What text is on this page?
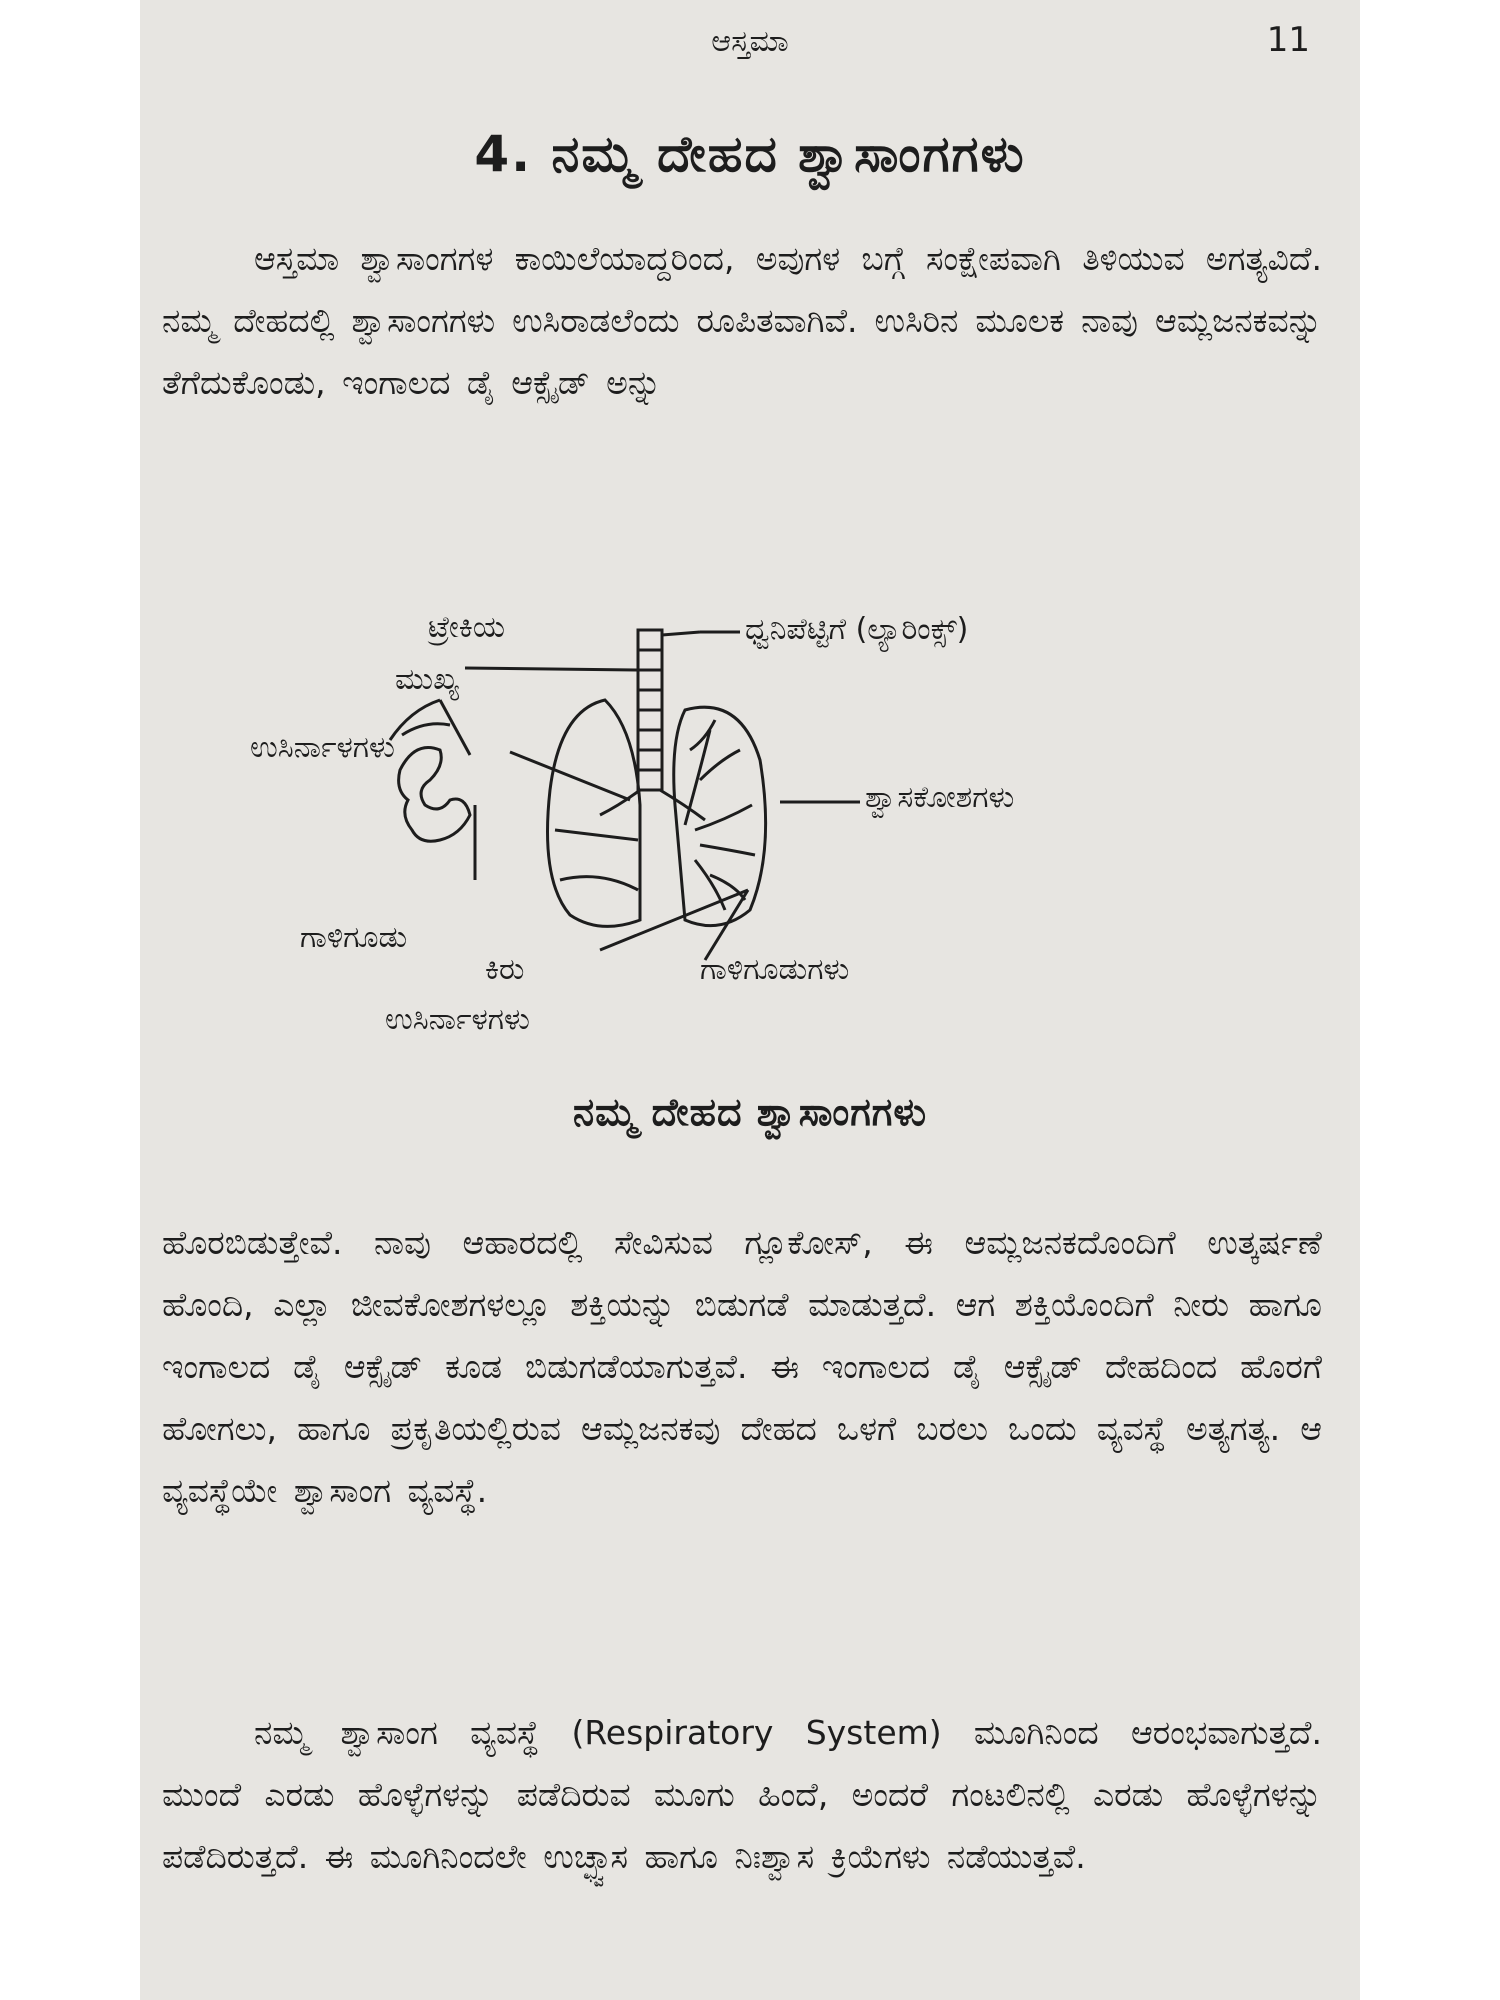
ಆಸ್ತಮಾ	11
4. ನಮ್ಮ ದೇಹದ ಶ್ವಾಸಾಂಗಗಳು

ಆಸ್ತಮಾ ಶ್ವಾಸಾಂಗಗಳ ಕಾಯಿಲೆಯಾದ್ದರಿಂದ, ಅವುಗಳ ಬಗ್ಗೆ ಸಂಕ್ಷೇಪವಾಗಿ ತಿಳಿಯುವ ಅಗತ್ಯವಿದೆ. ನಮ್ಮ ದೇಹದಲ್ಲಿ ಶ್ವಾಸಾಂಗಗಳು ಉಸಿರಾಡಲೆಂದು ರೂಪಿತವಾಗಿವೆ. ಉಸಿರಿನ ಮೂಲಕ ನಾವು ಆಮ್ಲಜನಕವನ್ನು ತೆಗೆದುಕೊಂಡು, ಇಂಗಾಲದ ಡೈ ಆಕ್ಸೈಡ್ ಅನ್ನು

ಟ್ರೇಕಿಯ
ಮುಖ್ಯ
ಉಸಿರ್ನಾಳಗಳು
ಧ್ವನಿಪೆಟ್ಟಿಗೆ (ಲ್ಯಾರಿಂಕ್ಸ್)
ಶ್ವಾಸಕೋಶಗಳು
ಗಾಳಿಗೂಡು
ಕಿರು
ಉಸಿರ್ನಾಳಗಳು
ಗಾಳಿಗೂಡುಗಳು
ನಮ್ಮ ದೇಹದ ಶ್ವಾಸಾಂಗಗಳು

ಹೊರಬಿಡುತ್ತೇವೆ. ನಾವು ಆಹಾರದಲ್ಲಿ ಸೇವಿಸುವ ಗ್ಲೂಕೋಸ್, ಈ ಆಮ್ಲಜನಕದೊಂದಿಗೆ ಉತ್ಕರ್ಷಣೆ ಹೊಂದಿ, ಎಲ್ಲಾ ಜೀವಕೋಶಗಳಲ್ಲೂ ಶಕ್ತಿಯನ್ನು ಬಿಡುಗಡೆ ಮಾಡುತ್ತದೆ. ಆಗ ಶಕ್ತಿಯೊಂದಿಗೆ ನೀರು ಹಾಗೂ ಇಂಗಾಲದ ಡೈ ಆಕ್ಸೈಡ್ ಕೂಡ ಬಿಡುಗಡೆಯಾಗುತ್ತವೆ. ಈ ಇಂಗಾಲದ ಡೈ ಆಕ್ಸೈಡ್ ದೇಹದಿಂದ ಹೊರಗೆ ಹೋಗಲು, ಹಾಗೂ ಪ್ರಕೃತಿಯಲ್ಲಿರುವ ಆಮ್ಲಜನಕವು ದೇಹದ ಒಳಗೆ ಬರಲು ಒಂದು ವ್ಯವಸ್ಥೆ ಅತ್ಯಗತ್ಯ. ಆ ವ್ಯವಸ್ಥೆಯೇ ಶ್ವಾಸಾಂಗ ವ್ಯವಸ್ಥೆ.

ನಮ್ಮ ಶ್ವಾಸಾಂಗ ವ್ಯವಸ್ಥೆ (Respiratory System) ಮೂಗಿನಿಂದ ಆರಂಭವಾಗುತ್ತದೆ. ಮುಂದೆ ಎರಡು ಹೊಳ್ಳೆಗಳನ್ನು ಪಡೆದಿರುವ ಮೂಗು ಹಿಂದೆ, ಅಂದರೆ ಗಂಟಲಿನಲ್ಲಿ ಎರಡು ಹೊಳ್ಳೆಗಳನ್ನು ಪಡೆದಿರುತ್ತದೆ. ಈ ಮೂಗಿನಿಂದಲೇ ಉಚ್ಛ್ವಾಸ ಹಾಗೂ ನಿಃಶ್ವಾಸ ಕ್ರಿಯೆಗಳು ನಡೆಯುತ್ತವೆ.
